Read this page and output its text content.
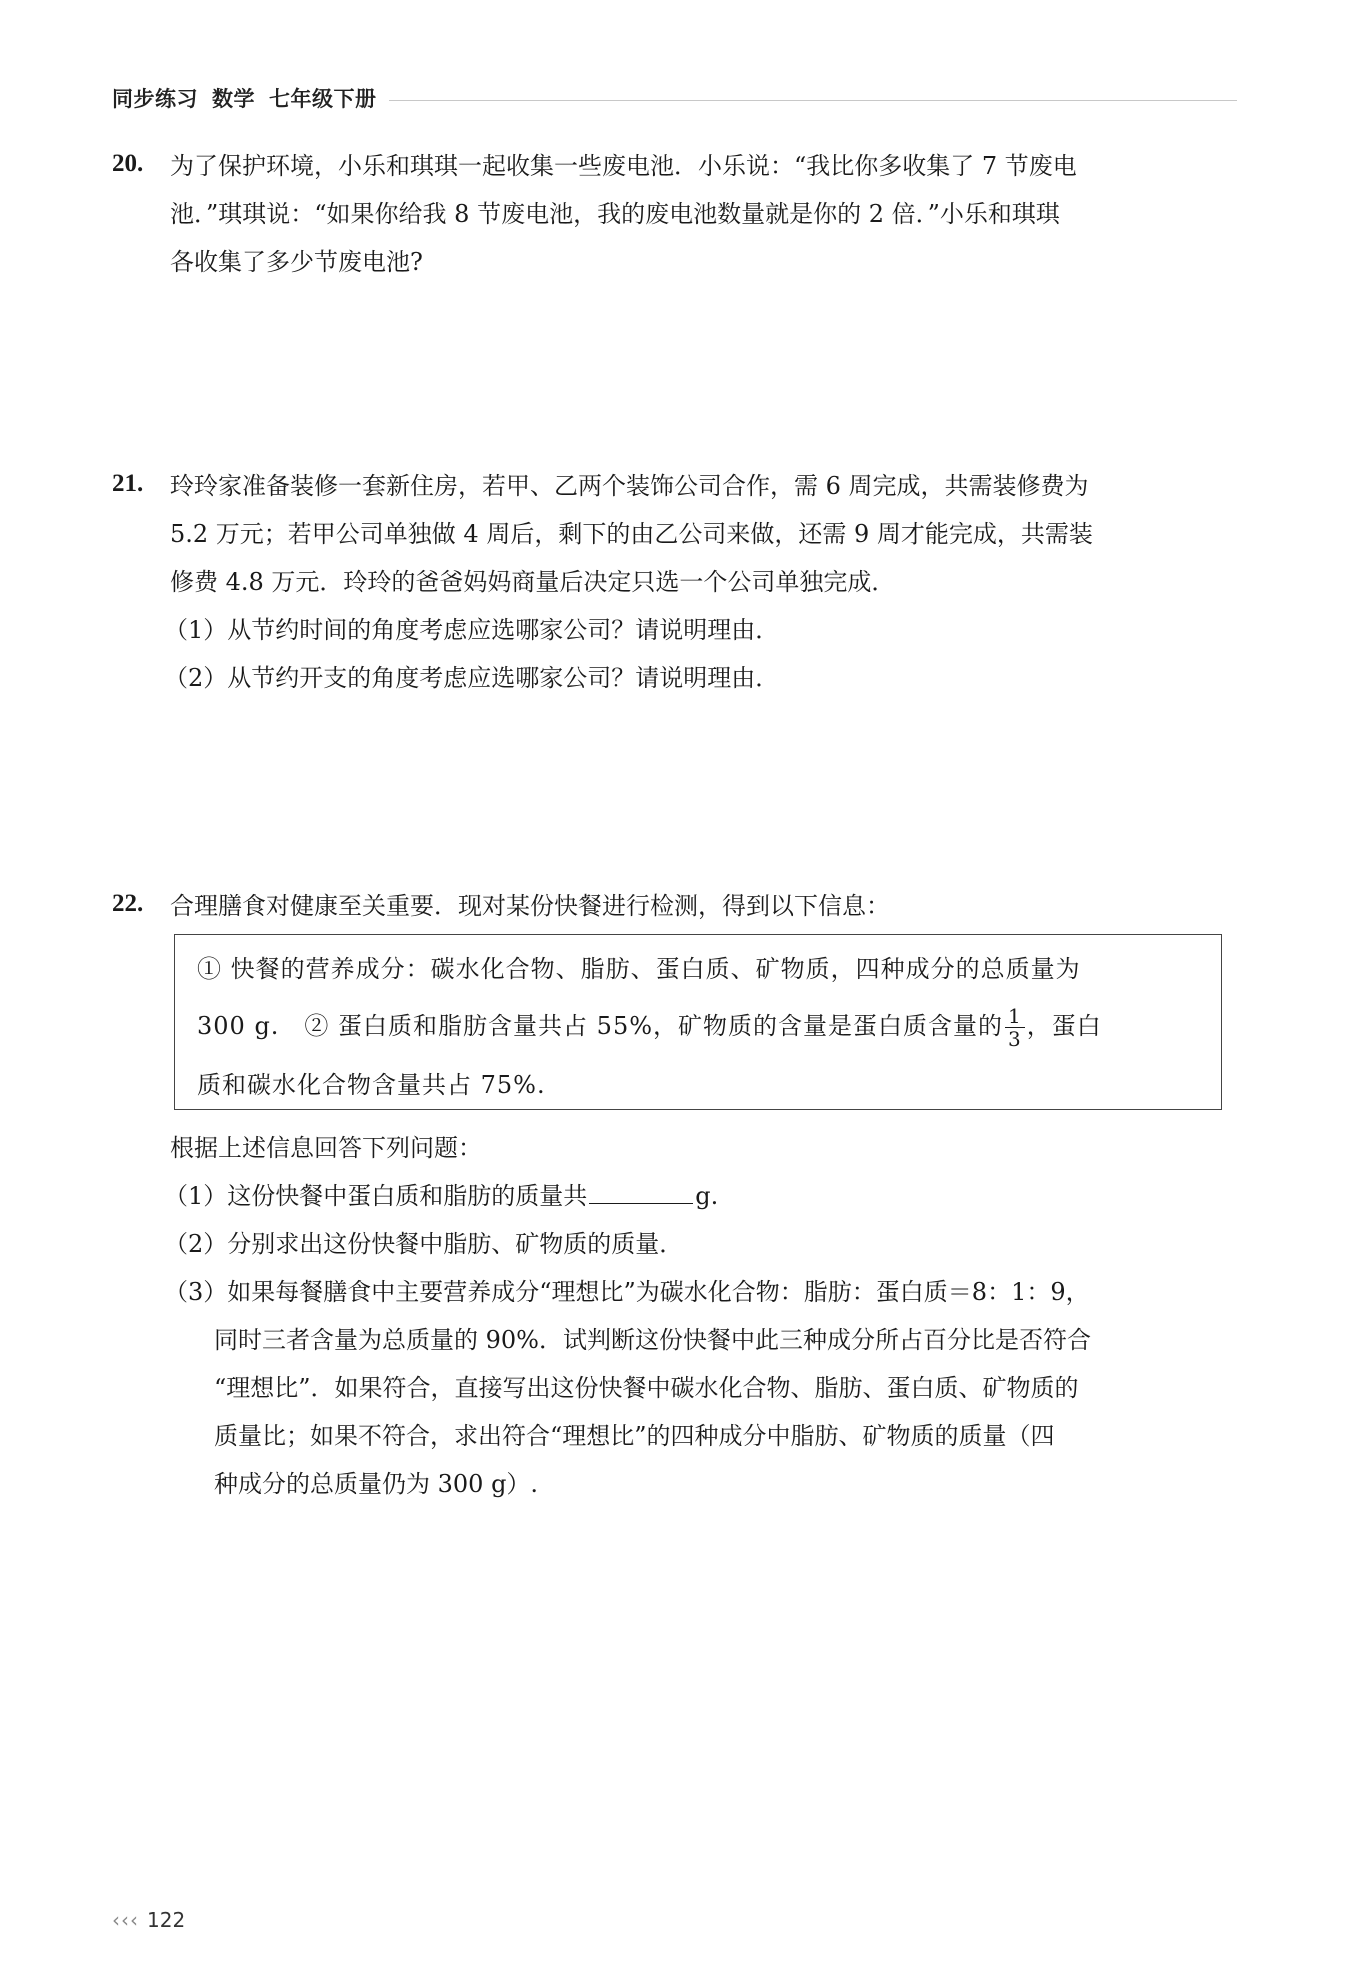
同步练习 数学 七年级下册
20. 为了保护环境，小乐和琪琪一起收集一些废电池．小乐说：“我比你多收集了 7 节废电
池．”琪琪说：“如果你给我 8 节废电池，我的废电池数量就是你的 2 倍．”小乐和琪琪
各收集了多少节废电池?
21. 玲玲家准备装修一套新住房，若甲、乙两个装饰公司合作，需 6 周完成，共需装修费为
5.2 万元；若甲公司单独做 4 周后，剩下的由乙公司来做，还需 9 周才能完成，共需装
修费 4.8 万元．玲玲的爸爸妈妈商量后决定只选一个公司单独完成．
（1）从节约时间的角度考虑应选哪家公司？请说明理由．
（2）从节约开支的角度考虑应选哪家公司？请说明理由．
22. 合理膳食对健康至关重要．现对某份快餐进行检测，得到以下信息：
① 快餐的营养成分：碳水化合物、脂肪、蛋白质、矿物质，四种成分的总质量为
300 g.　② 蛋白质和脂肪含量共占 55%，矿物质的含量是蛋白质含量的 $\frac{1}{3}$ ，蛋白
质和碳水化合物含量共占 75%.
根据上述信息回答下列问题：
（1）这份快餐中蛋白质和脂肪的质量共	g.
（2）分别求出这份快餐中脂肪、矿物质的质量．
（3）如果每餐膳食中主要营养成分“理想比”为碳水化合物：脂肪：蛋白质＝8：1：9，
同时三者含量为总质量的 90%．试判断这份快餐中此三种成分所占百分比是否符合
“理想比”．如果符合，直接写出这份快餐中碳水化合物、脂肪、蛋白质、矿物质的
质量比；如果不符合，求出符合“理想比”的四种成分中脂肪、矿物质的质量（四
种成分的总质量仍为 300 g）.
‹‹‹ 122
